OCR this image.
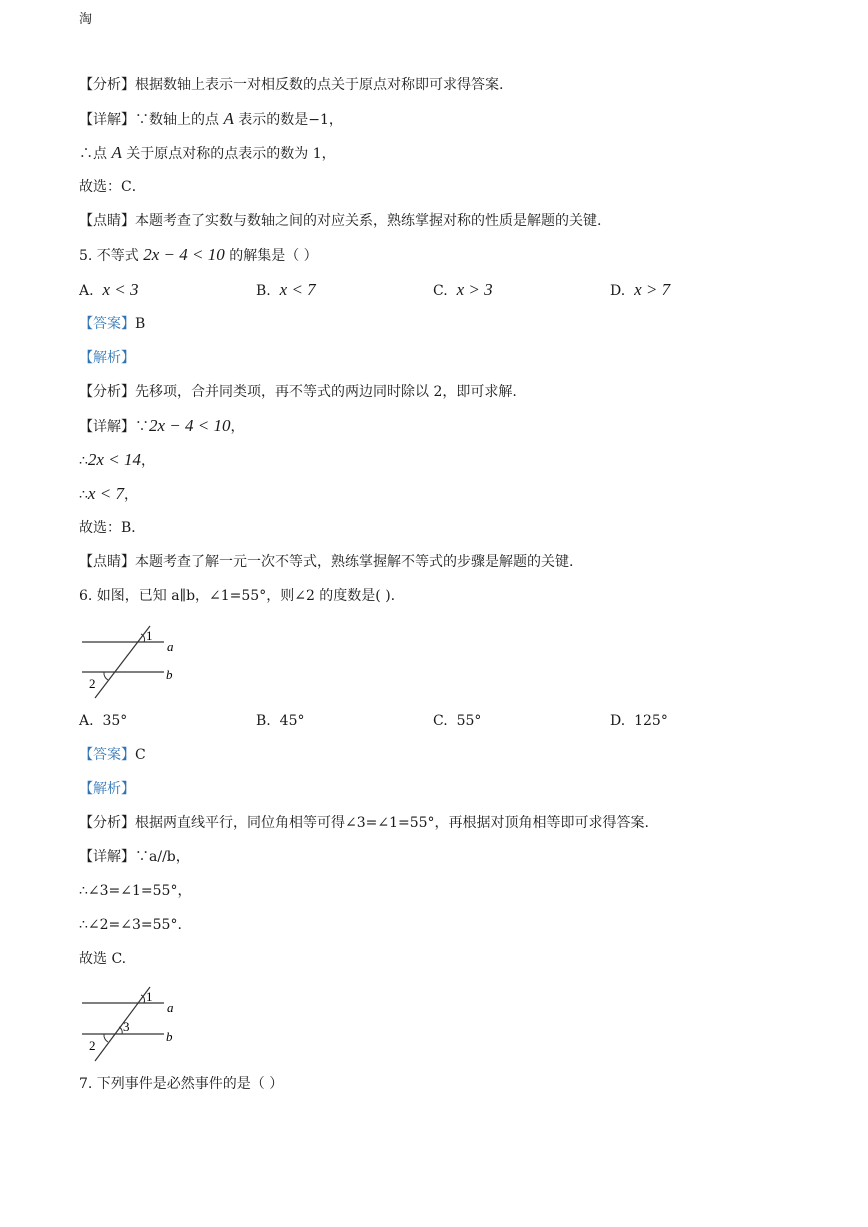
淘
【分析】根据数轴上表示一对相反数的点关于原点对称即可求得答案.
【详解】∵数轴上的点 A 表示的数是−1，
∴点 A 关于原点对称的点表示的数为 1，
故选：C．
【点睛】本题考查了实数与数轴之间的对应关系，熟练掌握对称的性质是解题的关键.
5. 不等式 2x − 4 < 10 的解集是（ ）
A. x < 3	B. x < 7	C. x > 3	D. x > 7
【答案】B
【解析】
【分析】先移项，合并同类项，再不等式的两边同时除以 2，即可求解.
【详解】∵2x − 4 < 10，
∴2x < 14，
∴x < 7，
故选：B．
【点睛】本题考查了解一元一次不等式，熟练掌握解不等式的步骤是解题的关键.
6. 如图，已知 a∥b，∠1=55°，则∠2 的度数是( ).
1
2
a
b
A. 35°	B. 45°	C. 55°	D. 125°
【答案】C
【解析】
【分析】根据两直线平行，同位角相等可得∠3=∠1=55°，再根据对顶角相等即可求得答案.
【详解】∵a//b，
∴∠3=∠1=55°，
∴∠2=∠3=55°.
故选 C.
1
3
2
a
b
7. 下列事件是必然事件的是（ ）
